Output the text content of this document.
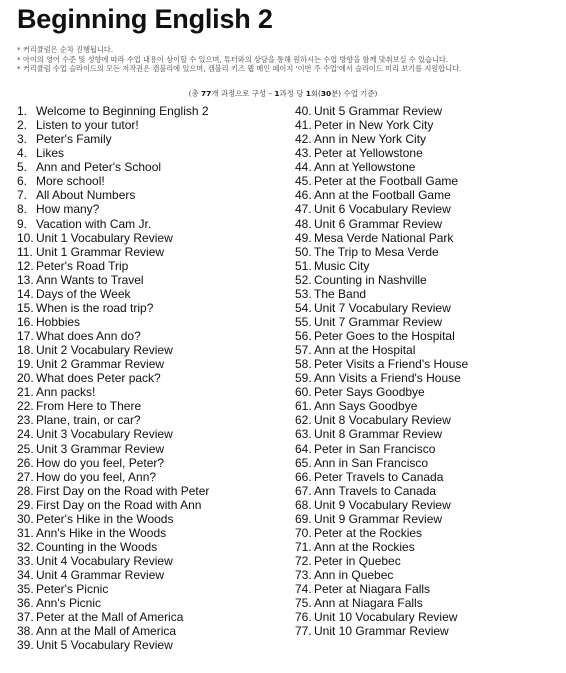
Beginning English 2
* 커리큘럼은 순차 진행됩니다.
* 아이의 영어 수준 및 성향에 따라 수업 내용이 상이할 수 있으며, 튜터와의 상담을 통해 원하시는 수업 방향을 함께 맞춰보실 수 있습니다.
* 커리큘럼 수업 슬라이드의 모든 저작권은 캠블리에 있으며, 캠블리 키즈 웹 메인 페이지 '이번 주 수업'에서 슬라이드 미리 보기를 지원합니다.
(총 77개 과정으로 구성 – 1과정 당 1회(30분) 수업 기준)
1. Welcome to Beginning English 2
2. Listen to your tutor!
3. Peter's Family
4. Likes
5. Ann and Peter's School
6. More school!
7. All About Numbers
8. How many?
9. Vacation with Cam Jr.
10. Unit 1 Vocabulary Review
11. Unit 1 Grammar Review
12. Peter's Road Trip
13. Ann Wants to Travel
14. Days of the Week
15. When is the road trip?
16. Hobbies
17. What does Ann do?
18. Unit 2 Vocabulary Review
19. Unit 2 Grammar Review
20. What does Peter pack?
21. Ann packs!
22. From Here to There
23. Plane, train, or car?
24. Unit 3 Vocabulary Review
25. Unit 3 Grammar Review
26. How do you feel, Peter?
27. How do you feel, Ann?
28. First Day on the Road with Peter
29. First Day on the Road with Ann
30. Peter's Hike in the Woods
31. Ann's Hike in the Woods
32. Counting in the Woods
33. Unit 4 Vocabulary Review
34. Unit 4 Grammar Review
35. Peter's Picnic
36. Ann's Picnic
37. Peter at the Mall of America
38. Ann at the Mall of America
39. Unit 5 Vocabulary Review
40. Unit 5 Grammar Review
41. Peter in New York City
42. Ann in New York City
43. Peter at Yellowstone
44. Ann at Yellowstone
45. Peter at the Football Game
46. Ann at the Football Game
47. Unit 6 Vocabulary Review
48. Unit 6 Grammar Review
49. Mesa Verde National Park
50. The Trip to Mesa Verde
51. Music City
52. Counting in Nashville
53. The Band
54. Unit 7 Vocabulary Review
55. Unit 7 Grammar Review
56. Peter Goes to the Hospital
57. Ann at the Hospital
58. Peter Visits a Friend's House
59. Ann Visits a Friend's House
60. Peter Says Goodbye
61. Ann Says Goodbye
62. Unit 8 Vocabulary Review
63. Unit 8 Grammar Review
64. Peter in San Francisco
65. Ann in San Francisco
66. Peter Travels to Canada
67. Ann Travels to Canada
68. Unit 9 Vocabulary Review
69. Unit 9 Grammar Review
70. Peter at the Rockies
71. Ann at the Rockies
72. Peter in Quebec
73. Ann in Quebec
74. Peter at Niagara Falls
75. Ann at Niagara Falls
76. Unit 10 Vocabulary Review
77. Unit 10 Grammar Review
